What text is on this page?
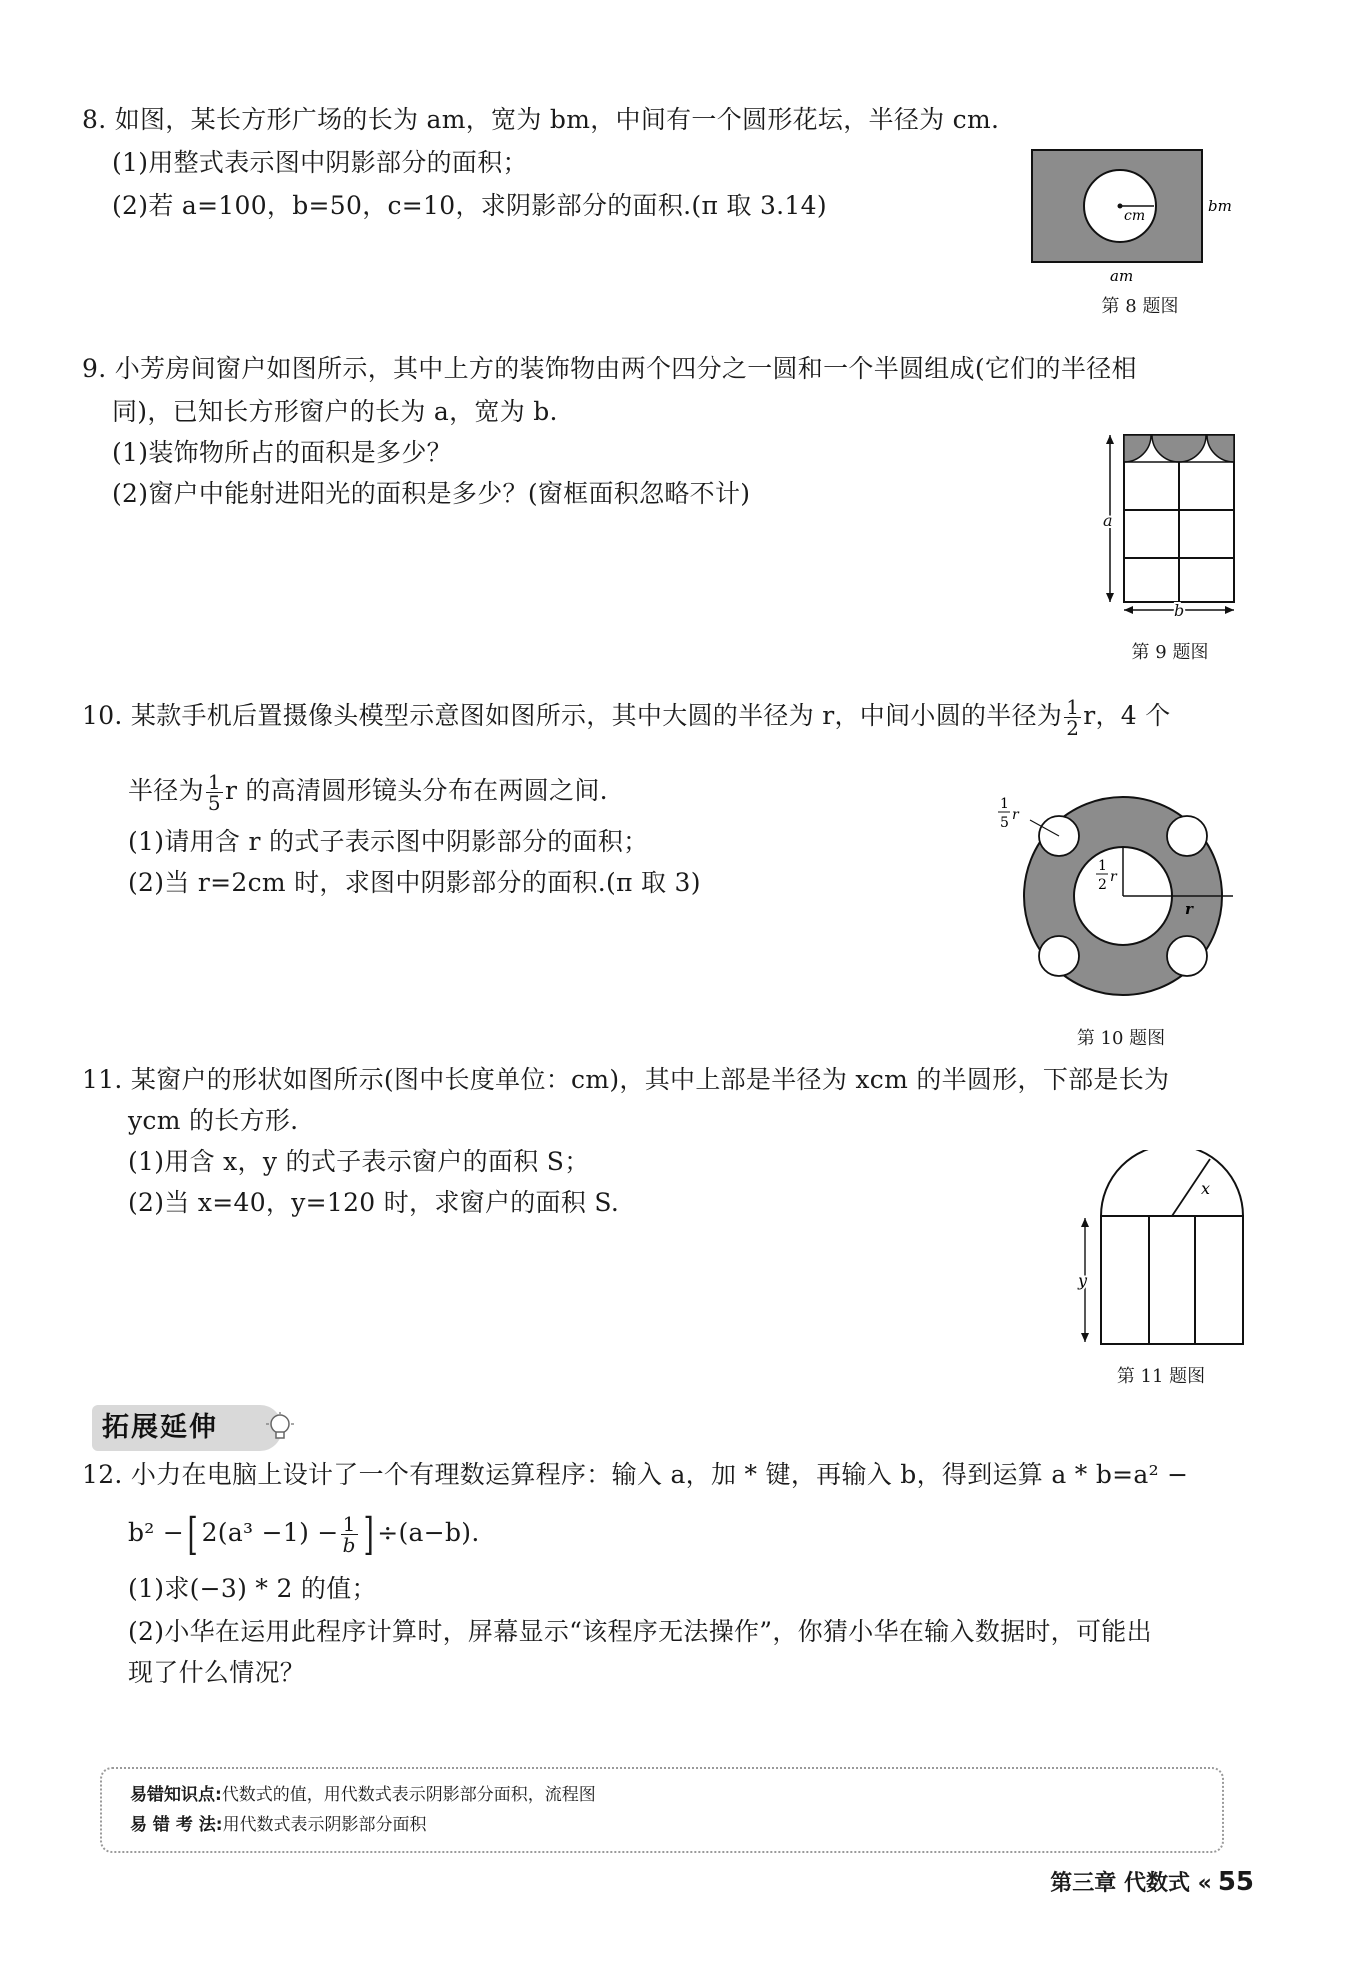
8. 如图，某长方形广场的长为 am，宽为 bm，中间有一个圆形花坛，半径为 cm.
(1)用整式表示图中阴影部分的面积；
(2)若 a=100，b=50，c=10，求阴影部分的面积.(π 取 3.14)	cm
bm
am
第 8 题图
9. 小芳房间窗户如图所示，其中上方的装饰物由两个四分之一圆和一个半圆组成(它们的半径相
同)，已知长方形窗户的长为 a，宽为 b.
(1)装饰物所占的面积是多少？
(2)窗户中能射进阳光的面积是多少？(窗框面积忽略不计)
a
b
第 9 题图
10. 某款手机后置摄像头模型示意图如图所示，其中大圆的半径为 r，中间小圆的半径为 $\frac{1}{2}$ r，4 个
半径为 $\frac{1}{5}$ r 的高清圆形镜头分布在两圆之间.
(1)请用含 r 的式子表示图中阴影部分的面积；
(2)当 r=2cm 时，求图中阴影部分的面积.(π 取 3)
r
1
5 r
1
2 r
第 10 题图
11. 某窗户的形状如图所示(图中长度单位：cm)，其中上部是半径为 xcm 的半圆形，下部是长为
ycm 的长方形.
(1)用含 x，y 的式子表示窗户的面积 S；
(2)当 x=40，y=120 时，求窗户的面积 S.	x
y
第 11 题图
拓展延伸
12. 小力在电脑上设计了一个有理数运算程序：输入 a，加 * 键，再输入 b，得到运算 a * b=a² −
b² −[ $2(a^3 -1) - \frac{1}{b}$ ] ÷(a−b).
(1)求(−3) * 2 的值；
(2)小华在运用此程序计算时，屏幕显示“该程序无法操作”，你猜小华在输入数据时，可能出
现了什么情况？
易错知识点:代数式的值，用代数式表示阴影部分面积，流程图
易 错 考 法:用代数式表示阴影部分面积
第三章 代数式 « 55
